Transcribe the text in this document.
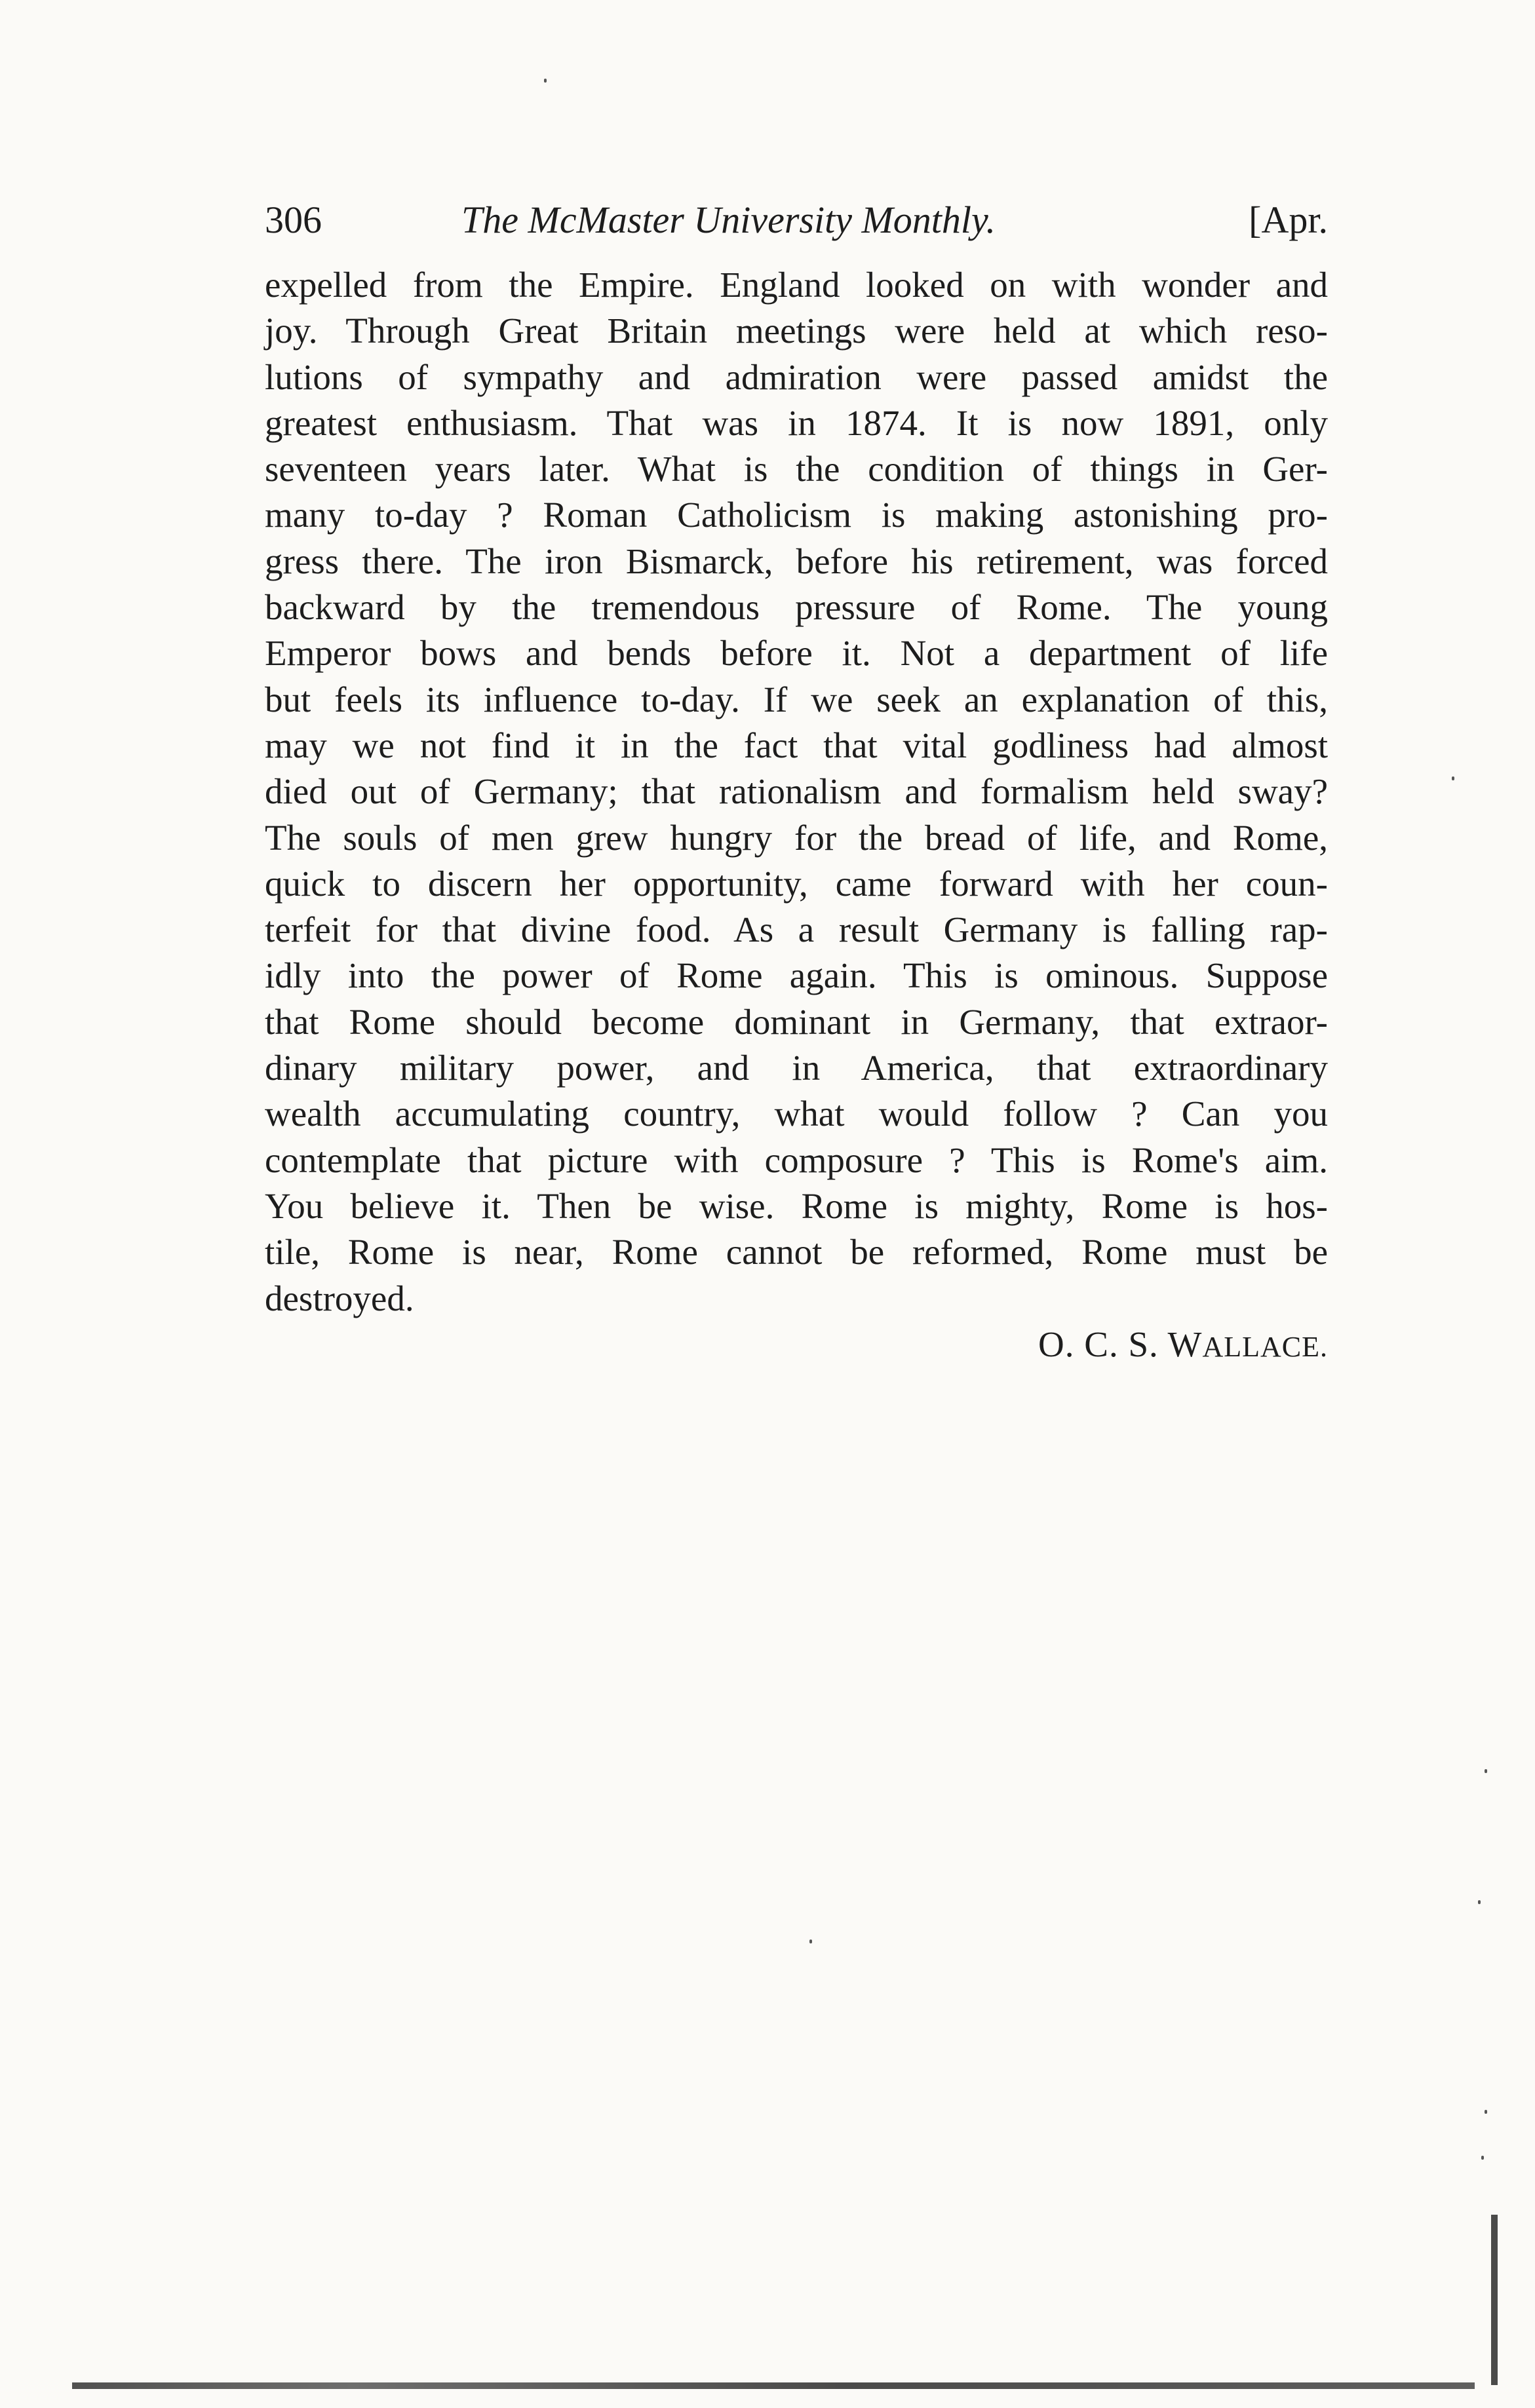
306	The McMaster University Monthly.	[Apr.
expelled from the Empire. England looked on with wonder and
joy. Through Great Britain meetings were held at which reso-
lutions of sympathy and admiration were passed amidst the
greatest enthusiasm. That was in 1874. It is now 1891, only
seventeen years later. What is the condition of things in Ger-
many to-day ? Roman Catholicism is making astonishing pro-
gress there. The iron Bismarck, before his retirement, was forced
backward by the tremendous pressure of Rome. The young
Emperor bows and bends before it. Not a department of life
but feels its influence to-day. If we seek an explanation of this,
may we not find it in the fact that vital godliness had almost
died out of Germany; that rationalism and formalism held sway?
The souls of men grew hungry for the bread of life, and Rome,
quick to discern her opportunity, came forward with her coun-
terfeit for that divine food. As a result Germany is falling rap-
idly into the power of Rome again. This is ominous. Suppose
that Rome should become dominant in Germany, that extraor-
dinary military power, and in America, that extraordinary
wealth accumulating country, what would follow ? Can you
contemplate that picture with composure ? This is Rome's aim.
You believe it. Then be wise. Rome is mighty, Rome is hos-
tile, Rome is near, Rome cannot be reformed, Rome must be
destroyed.
O. C. S. WALLACE.
